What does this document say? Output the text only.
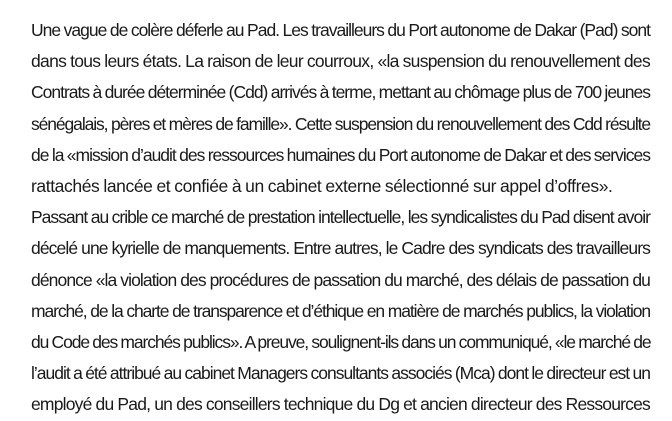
Une vague de colère déferle au Pad. Les travailleurs du Port autonome de Dakar (Pad) sont
dans tous leurs états. La raison de leur courroux, «la suspension du renouvellement des
Contrats à durée déterminée (Cdd) arrivés à terme, mettant au chômage plus de 700 jeunes
sénégalais, pères et mères de famille». Cette suspension du renouvellement des Cdd résulte
de la «mission d’audit des ressources humaines du Port autonome de Dakar et des services
rattachés lancée et confiée à un cabinet externe sélectionné sur appel d’offres».

Passant au crible ce marché de prestation intellectuelle, les syndicalistes du Pad disent avoir
décelé une kyrielle de manquements. Entre autres, le Cadre des syndicats des travailleurs
dénonce «la violation des procédures de passation du marché, des délais de passation du
marché, de la charte de transparence et d’éthique en matière de marchés publics, la violation
du Code des marchés publics». A preuve, soulignent-ils dans un communiqué, «le marché de
l’audit a été attribué au cabinet Managers consultants associés (Mca) dont le directeur est un
employé du Pad, un des conseillers technique du Dg et ancien directeur des Ressources
